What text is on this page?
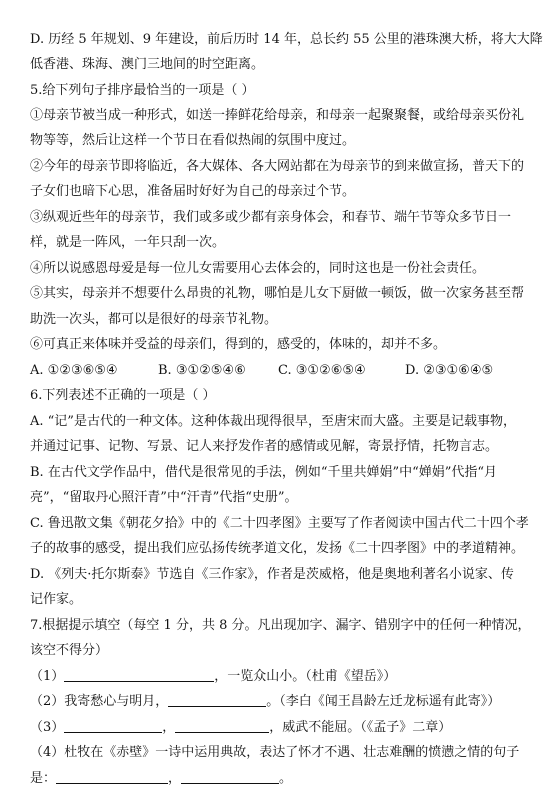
D. 历经 5 年规划、9 年建设，前后历时 14 年，总长约 55 公里的港珠澳大桥，将大大降
低香港、珠海、澳门三地间的时空距离。
5.给下列句子排序最恰当的一项是（ ）
①母亲节被当成一种形式，如送一捧鲜花给母亲，和母亲一起聚聚餐，或给母亲买份礼
物等等，然后让这样一个节日在看似热闹的氛围中度过。
②今年的母亲节即将临近，各大媒体、各大网站都在为母亲节的到来做宣扬，普天下的
子女们也暗下心思，准备届时好好为自己的母亲过个节。
③纵观近些年的母亲节，我们或多或少都有亲身体会，和春节、端午节等众多节日一
样，就是一阵风，一年只刮一次。
④所以说感恩母爱是每一位儿女需要用心去体会的，同时这也是一份社会责任。
⑤其实，母亲并不想要什么昂贵的礼物，哪怕是儿女下厨做一顿饭，做一次家务甚至帮
助洗一次头，都可以是很好的母亲节礼物。
⑥可真正来体味并受益的母亲们，得到的，感受的，体味的，却并不多。
A. ①②③⑥⑤④	B. ③①②⑤④⑥ C. ③①②⑥⑤④	D. ②③①⑥④⑤
6.下列表述不正确的一项是（ ）
A. “记”是古代的一种文体。这种体裁出现得很早，至唐宋而大盛。主要是记载事物，
并通过记事、记物、写景、记人来抒发作者的感情或见解，寄景抒情，托物言志。
B. 在古代文学作品中，借代是很常见的手法，例如“千里共婵娟”中“婵娟”代指“月
亮”，“留取丹心照汗青”中“汗青”代指“史册”。
C. 鲁迅散文集《朝花夕拾》中的《二十四孝图》主要写了作者阅读中国古代二十四个孝
子的故事的感受，提出我们应弘扬传统孝道文化，发扬《二十四孝图》中的孝道精神。
D. 《列夫·托尔斯泰》节选自《三作家》，作者是茨威格，他是奥地利著名小说家、传
记作家。
7.根据提示填空（每空 1 分，共 8 分。凡出现加字、漏字、错别字中的任何一种情况，
该空不得分）
（1）	，一览众山小。（杜甫《望岳》）
（2）我寄愁心与明月，	。（李白《闻王昌龄左迁龙标遥有此寄》）
（3）	，	，威武不能屈。（《孟子》二章）
（4）杜牧在《赤壁》一诗中运用典故，表达了怀才不遇、壮志难酬的愤懑之情的句子
是：	，	。
